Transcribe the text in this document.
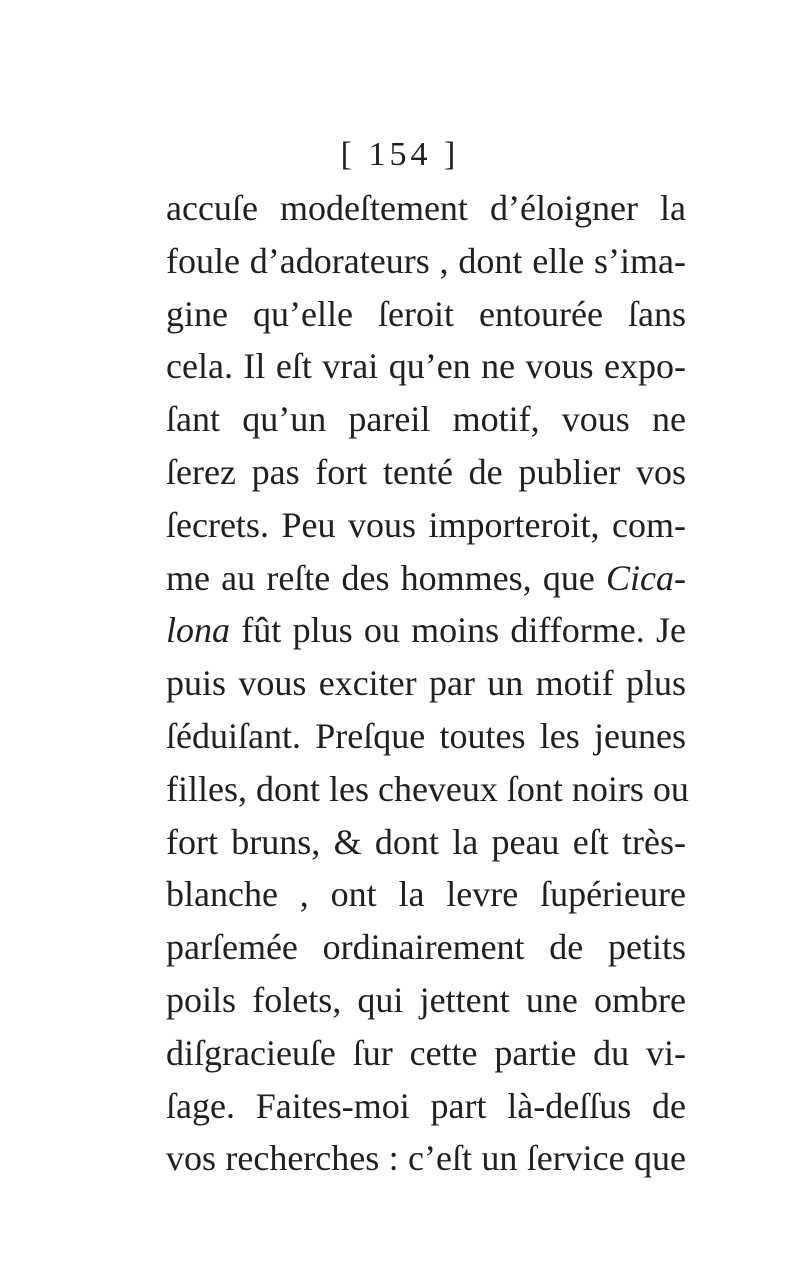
[ 154 ]
accuſe modeſtement d’éloigner la
foule d’adorateurs , dont elle s’ima-
gine qu’elle ſeroit entourée ſans
cela. Il eſt vrai qu’en ne vous expo-
ſant qu’un pareil motif, vous ne
ſerez pas fort tenté de publier vos
ſecrets. Peu vous importeroit, com-
me au reſte des hommes, que Cica-
lona fût plus ou moins difforme. Je
puis vous exciter par un motif plus
ſéduiſant. Preſque toutes les jeunes
filles, dont les cheveux ſont noirs ou
fort bruns, & dont la peau eſt très-
blanche , ont la levre ſupérieure
parſemée ordinairement de petits
poils folets, qui jettent une ombre
diſgracieuſe ſur cette partie du vi-
ſage. Faites-moi part là-deſſus de
vos recherches : c’eſt un ſervice que
